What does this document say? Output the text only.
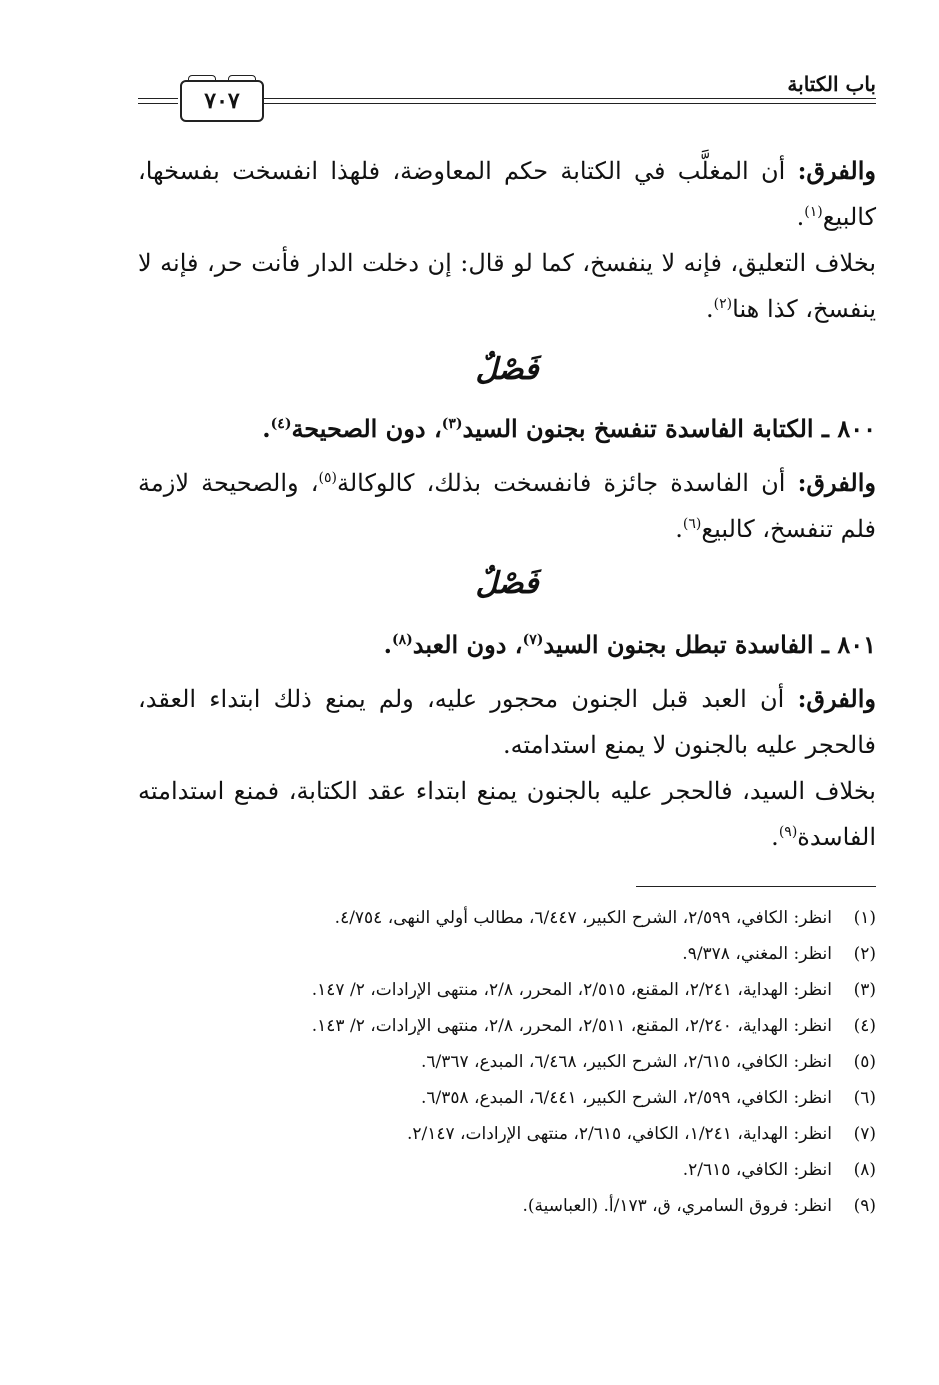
باب الكتابة
٧٠٧
والفرق: أن المغلَّب في الكتابة حكم المعاوضة، فلهذا انفسخت بفسخها، كالبيع$^{(١)}$.
بخلاف التعليق، فإنه لا ينفسخ، كما لو قال: إن دخلت الدار فأنت حر، فإنه لا ينفسخ، كذا هنا$^{(٢)}$.
فَصْلٌ
٨٠٠ ـ الكتابة الفاسدة تنفسخ بجنون السيد$^{(٣)}$، دون الصحيحة$^{(٤)}$.
والفرق: أن الفاسدة جائزة فانفسخت بذلك، كالوكالة$^{(٥)}$، والصحيحة لازمة فلم تنفسخ، كالبيع$^{(٦)}$.
فَصْلٌ
٨٠١ ـ الفاسدة تبطل بجنون السيد$^{(٧)}$، دون العبد$^{(٨)}$.
والفرق: أن العبد قبل الجنون محجور عليه، ولم يمنع ذلك ابتداء العقد، فالحجر عليه بالجنون لا يمنع استدامته.
بخلاف السيد، فالحجر عليه بالجنون يمنع ابتداء عقد الكتابة، فمنع استدامته الفاسدة$^{(٩)}$.
(١)انظر: الكافي، ٢/٥٩٩، الشرح الكبير، ٦/٤٤٧، مطالب أولي النهى، ٤/٧٥٤.
(٢)انظر: المغني، ٩/٣٧٨.
(٣)انظر: الهداية، ٢/٢٤١، المقنع، ٢/٥١٥، المحرر، ٢/٨، منتهى الإرادات، ٢/ ١٤٧.
(٤)انظر: الهداية، ٢/٢٤٠، المقنع، ٢/٥١١، المحرر، ٢/٨، منتهى الإرادات، ٢/ ١٤٣.
(٥)انظر: الكافي، ٢/٦١٥، الشرح الكبير، ٦/٤٦٨، المبدع، ٦/٣٦٧.
(٦)انظر: الكافي، ٢/٥٩٩، الشرح الكبير، ٦/٤٤١، المبدع، ٦/٣٥٨.
(٧)انظر: الهداية، ١/٢٤١، الكافي، ٢/٦١٥، منتهى الإرادات، ٢/١٤٧.
(٨)انظر: الكافي، ٢/٦١٥.
(٩)انظر: فروق السامري، ق، ١٧٣/أ. (العباسية).
